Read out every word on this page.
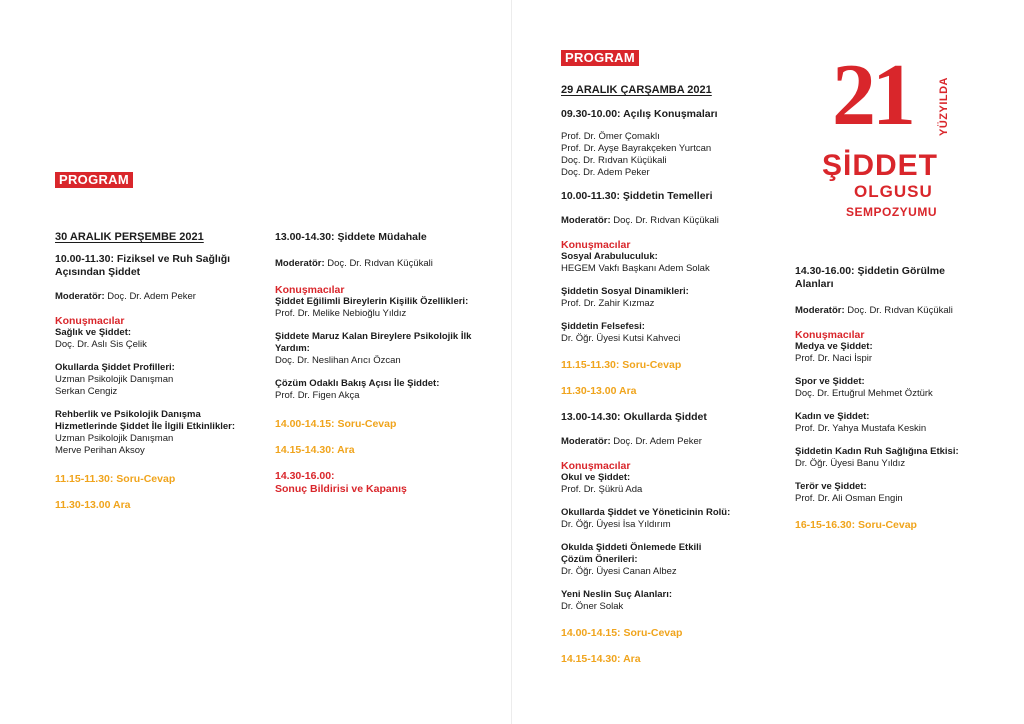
PROGRAM
30 ARALIK PERŞEMBE 2021
10.00-11.30: Fiziksel ve Ruh Sağlığı Açısından Şiddet
Moderatör: Doç. Dr. Adem Peker
Konuşmacılar
Sağlık ve Şiddet:
Doç. Dr. Aslı Sis Çelik
Okullarda Şiddet Profilleri:
Uzman Psikolojik Danışman
Serkan Cengiz
Rehberlik ve Psikolojik Danışma Hizmetlerinde Şiddet İle İlgili Etkinlikler:
Uzman Psikolojik Danışman
Merve Perihan Aksoy
11.15-11.30: Soru-Cevap
11.30-13.00 Ara
13.00-14.30: Şiddete Müdahale
Moderatör: Doç. Dr. Rıdvan Küçükali
Konuşmacılar
Şiddet Eğilimli Bireylerin Kişilik Özellikleri:
Prof. Dr. Melike Nebioğlu Yıldız
Şiddete Maruz Kalan Bireylere Psikolojik İlk Yardım:
Doç. Dr. Neslihan Arıcı Özcan
Çözüm Odaklı Bakış Açısı İle Şiddet:
Prof. Dr. Figen Akça
14.00-14.15: Soru-Cevap
14.15-14.30: Ara
14.30-16.00:
Sonuç Bildirisi ve Kapanış
PROGRAM
29 ARALIK ÇARŞAMBA 2021
09.30-10.00: Açılış Konuşmaları
Prof. Dr. Ömer Çomaklı
Prof. Dr. Ayşe Bayrakçeken Yurtcan
Doç. Dr. Rıdvan Küçükali
Doç. Dr. Adem Peker
10.00-11.30: Şiddetin Temelleri
Moderatör: Doç. Dr. Rıdvan Küçükali
Konuşmacılar
Sosyal Arabuluculuk:
HEGEM Vakfı Başkanı Adem Solak
Şiddetin Sosyal Dinamikleri:
Prof. Dr. Zahir Kızmaz
Şiddetin Felsefesi:
Dr. Öğr. Üyesi Kutsi Kahveci
11.15-11.30: Soru-Cevap
11.30-13.00 Ara
13.00-14.30: Okullarda Şiddet
Moderatör: Doç. Dr. Adem Peker
Konuşmacılar
Okul ve Şiddet:
Prof. Dr. Şükrü Ada
Okullarda Şiddet ve Yöneticinin Rolü:
Dr. Öğr. Üyesi İsa Yıldırım
Okulda Şiddeti Önlemede Etkili Çözüm Önerileri:
Dr. Öğr. Üyesi Canan Albez
Yeni Neslin Suç Alanları:
Dr. Öner Solak
14.00-14.15: Soru-Cevap
14.15-14.30: Ara
21 YÜZYILDA
ŞİDDET
OLGUSU
SEMPOZYUMU
14.30-16.00: Şiddetin Görülme Alanları
Moderatör: Doç. Dr. Rıdvan Küçükali
Konuşmacılar
Medya ve Şiddet:
Prof. Dr. Naci İspir
Spor ve Şiddet:
Doç. Dr. Ertuğrul Mehmet Öztürk
Kadın ve Şiddet:
Prof. Dr. Yahya Mustafa Keskin
Şiddetin Kadın Ruh Sağlığına Etkisi:
Dr. Öğr. Üyesi Banu Yıldız
Terör ve Şiddet:
Prof. Dr. Ali Osman Engin
16-15-16.30: Soru-Cevap
